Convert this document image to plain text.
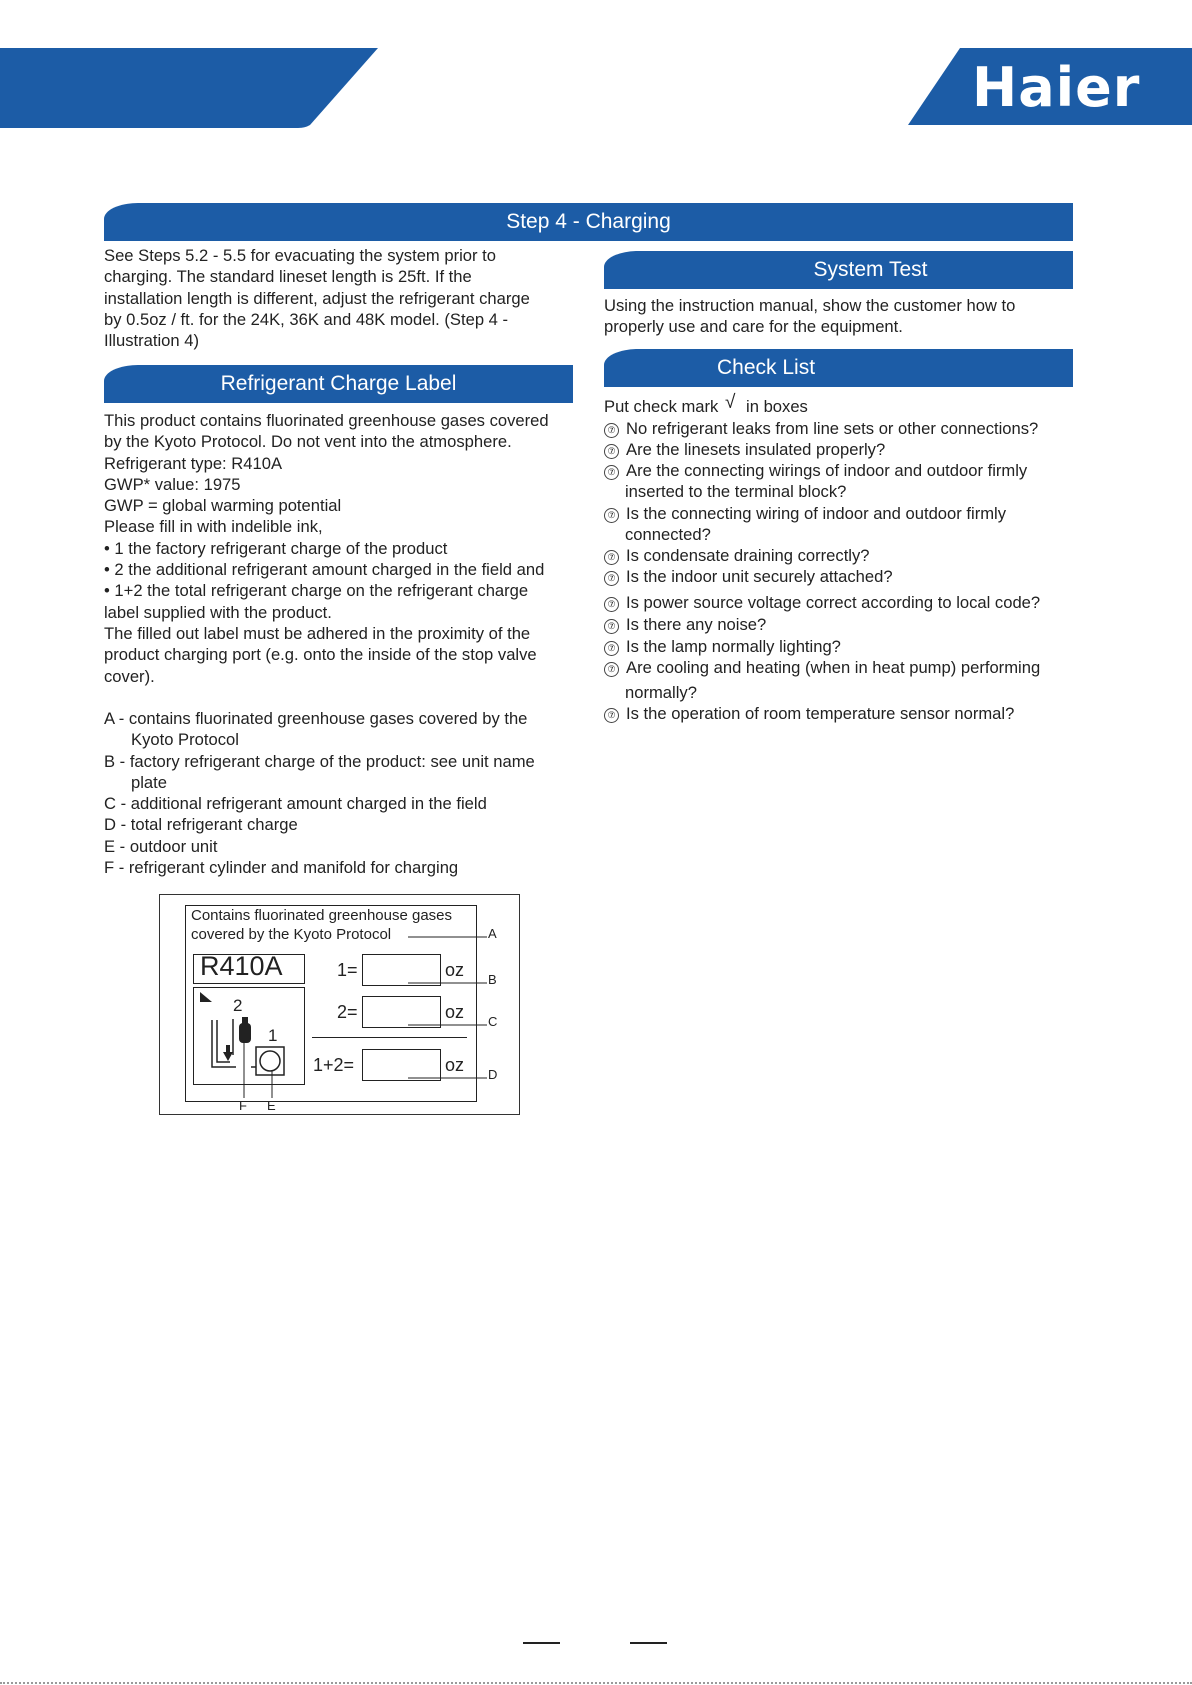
Haier
Step 4 - Charging
See Steps 5.2 - 5.5 for evacuating the system prior to
charging. The standard lineset length is 25ft. If the
installation length is different, adjust the refrigerant charge
by 0.5oz / ft. for the 24K, 36K and 48K model. (Step 4 -
Illustration 4)
Refrigerant Charge Label
This product contains fluorinated greenhouse gases covered
by the Kyoto Protocol. Do not vent into the atmosphere.
Refrigerant type: R410A
GWP* value: 1975
GWP = global warming potential
Please fill in with indelible ink,
• 1 the factory refrigerant charge of the product
• 2 the additional refrigerant amount charged in the field and
• 1+2 the total refrigerant charge on the refrigerant charge
label supplied with the product.
The filled out label must be adhered in the proximity of the
product charging port (e.g. onto the inside of the stop valve
cover).
A - contains fluorinated greenhouse gases covered by the
Kyoto Protocol
B - factory refrigerant charge of the product: see unit name
plate
C - additional refrigerant amount charged in the field
D - total refrigerant charge
E - outdoor unit
F - refrigerant cylinder and manifold for charging
Contains fluorinated greenhouse gases
covered by the Kyoto Protocol
R410A	1=	oz
2=	oz
1+2=	oz
2
1
A
B
C
D
F E
System Test
Using the instruction manual, show the customer how to
properly use and care for the equipment.
Check List
Put check mark √ in boxes
⑦ No refrigerant leaks from line sets or other connections?
⑦ Are the linesets insulated properly?
⑦ Are the connecting wirings of indoor and outdoor firmly
inserted to the terminal block?
⑦ Is the connecting wiring of indoor and outdoor firmly
connected?
⑦ Is condensate draining correctly?
⑦ Is the indoor unit securely attached?
⑦ Is power source voltage correct according to local code?
⑦ Is there any noise?
⑦ Is the lamp normally lighting?
⑦ Are cooling and heating (when in heat pump) performing
normally?
⑦ Is the operation of room temperature sensor normal?
